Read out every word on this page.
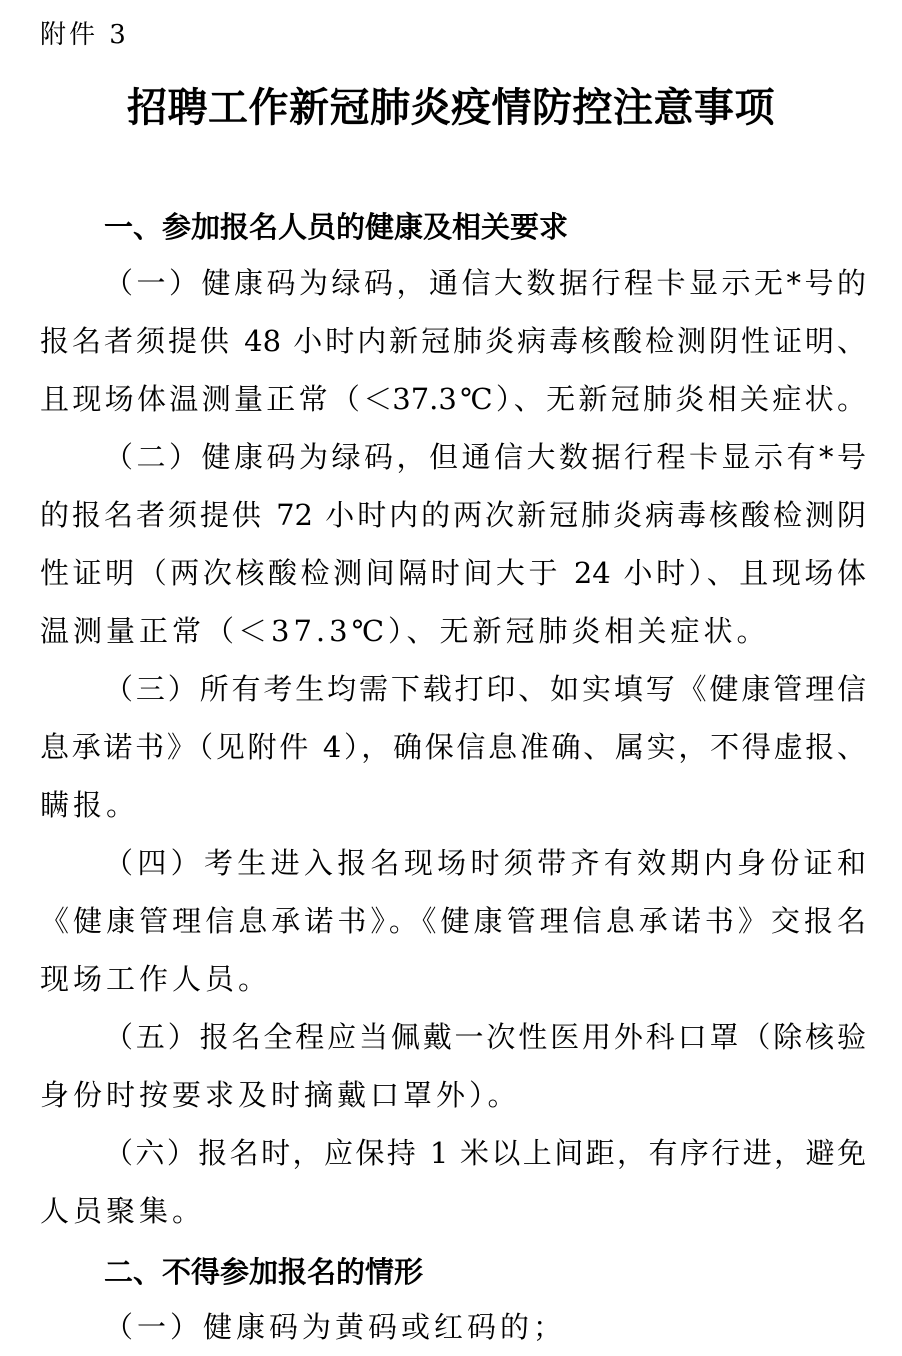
附件 3
招聘工作新冠肺炎疫情防控注意事项
一、参加报名人员的健康及相关要求
（一）健康码为绿码，通信大数据行程卡显示无*号的
报名者须提供 48 小时内新冠肺炎病毒核酸检测阴性证明、
且现场体温测量正常（＜37.3℃）、无新冠肺炎相关症状。
（二）健康码为绿码，但通信大数据行程卡显示有*号
的报名者须提供 72 小时内的两次新冠肺炎病毒核酸检测阴
性证明（两次核酸检测间隔时间大于 24 小时）、且现场体
温测量正常（＜37.3℃）、无新冠肺炎相关症状。
（三）所有考生均需下载打印、如实填写《健康管理信
息承诺书》（见附件 4），确保信息准确、属实，不得虚报、
瞒报。
（四）考生进入报名现场时须带齐有效期内身份证和
《健康管理信息承诺书》。《健康管理信息承诺书》交报名
现场工作人员。
（五）报名全程应当佩戴一次性医用外科口罩（除核验
身份时按要求及时摘戴口罩外）。
（六）报名时，应保持 1 米以上间距，有序行进，避免
人员聚集。
二、不得参加报名的情形
（一）健康码为黄码或红码的；
